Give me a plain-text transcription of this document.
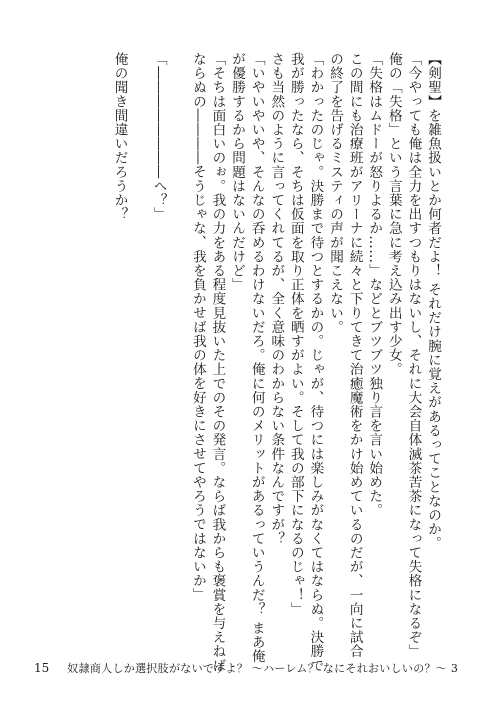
【剣聖】を雑魚扱いとか何者だよ！ それだけ腕に覚えがあるってことなのか。
「今やっても俺は全力を出すつもりはないし、それに大会自体滅茶苦茶になって失格になるぞ」
俺の「失格」という言葉に急に考え込み出す少女。
「失格はムドーが怒りよるか……」などとブツブツ独り言を言い始めた。
この間にも治療班がアリーナに続々と下りてきて治癒魔術をかけ始めているのだが、一向に試合
の終了を告げるミスティの声が聞こえない。
「わかったのじゃ。決勝まで待つとするかの。じゃが、待つには楽しみがなくてはならぬ。決勝で
我が勝ったなら、そちは仮面を取り正体を晒すがよい。そして我の部下になるのじゃ！」
さも当然のように言ってくれてるが、全く意味のわからない条件なんですが？
「いやいやいや、そんなの呑めるわけないだろ。俺に何のメリットがあるっていうんだ？ まあ俺
が優勝するから問題はないんだけど」
「そちは面白いのぉ。我の力をある程度見抜いた上でのその発言。ならば我からも褒賞を与えねば
ならぬの――――そうじゃな、我を負かせば我の体を好きにさせてやろうではないか」
「――――――――へ？」
俺の聞き間違いだろうか？
15 奴隷商人しか選択肢がないですよ？ ～ハーレム？ なにそれおいしいの？～ 3
